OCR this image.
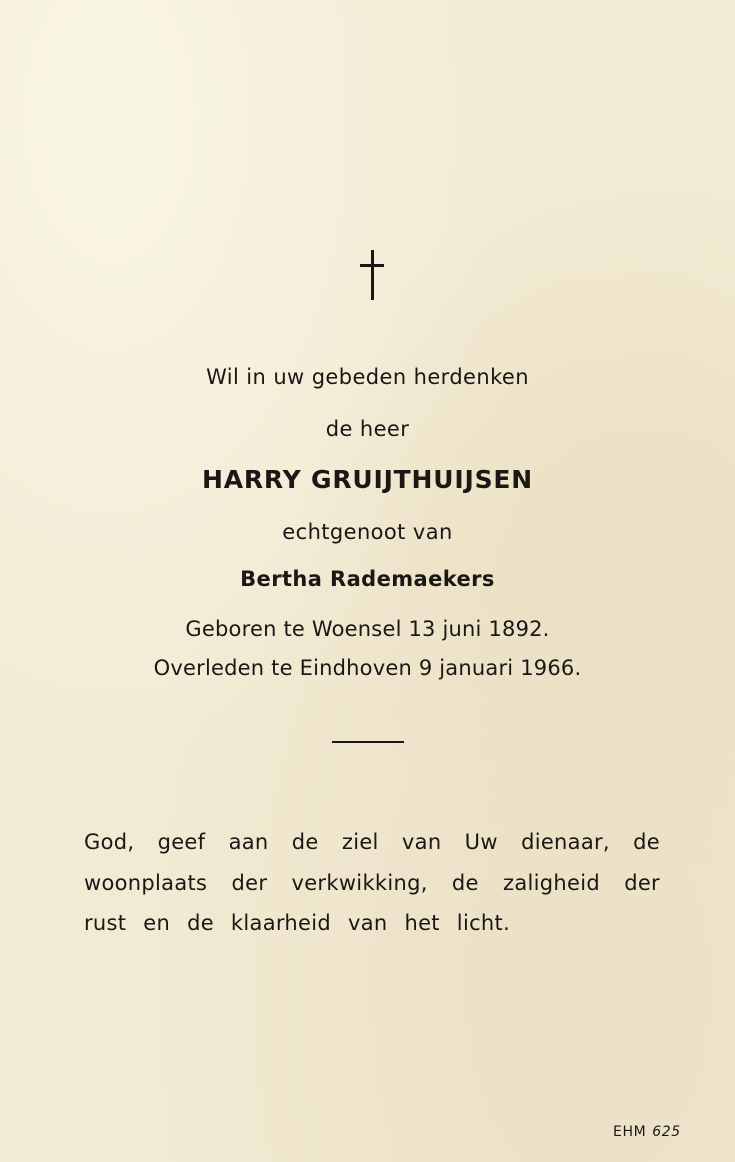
Wil in uw gebeden herdenken
de heer
HARRY GRUIJTHUIJSEN
echtgenoot van
Bertha Rademaekers
Geboren te Woensel 13 juni 1892.
Overleden te Eindhoven 9 januari 1966.
God, geef aan de ziel van Uw dienaar, de
woonplaats der verkwikking, de zaligheid der
rust en de klaarheid van het licht.
EHM 625
